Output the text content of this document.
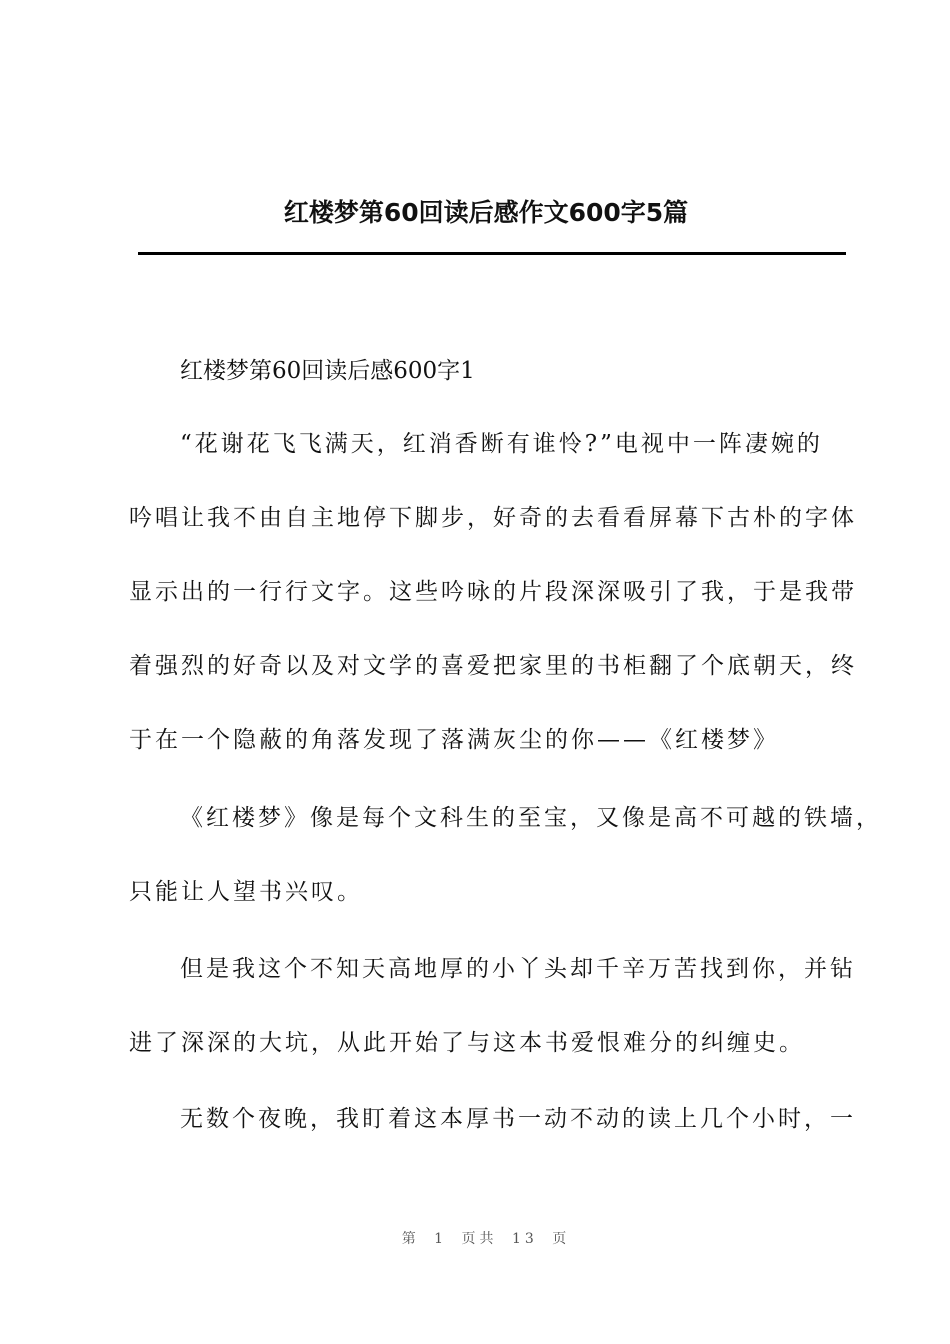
红楼梦第60回读后感作文600字5篇
红楼梦第60回读后感600字1
“花谢花飞飞满天，红消香断有谁怜?”电视中一阵凄婉的
吟唱让我不由自主地停下脚步，好奇的去看看屏幕下古朴的字体
显示出的一行行文字。这些吟咏的片段深深吸引了我，于是我带
着强烈的好奇以及对文学的喜爱把家里的书柜翻了个底朝天，终
于在一个隐蔽的角落发现了落满灰尘的你——《红楼梦》
《红楼梦》像是每个文科生的至宝，又像是高不可越的铁墙，
只能让人望书兴叹。
但是我这个不知天高地厚的小丫头却千辛万苦找到你，并钻
进了深深的大坑，从此开始了与这本书爱恨难分的纠缠史。
无数个夜晚，我盯着这本厚书一动不动的读上几个小时，一
第 1 页共 13 页
